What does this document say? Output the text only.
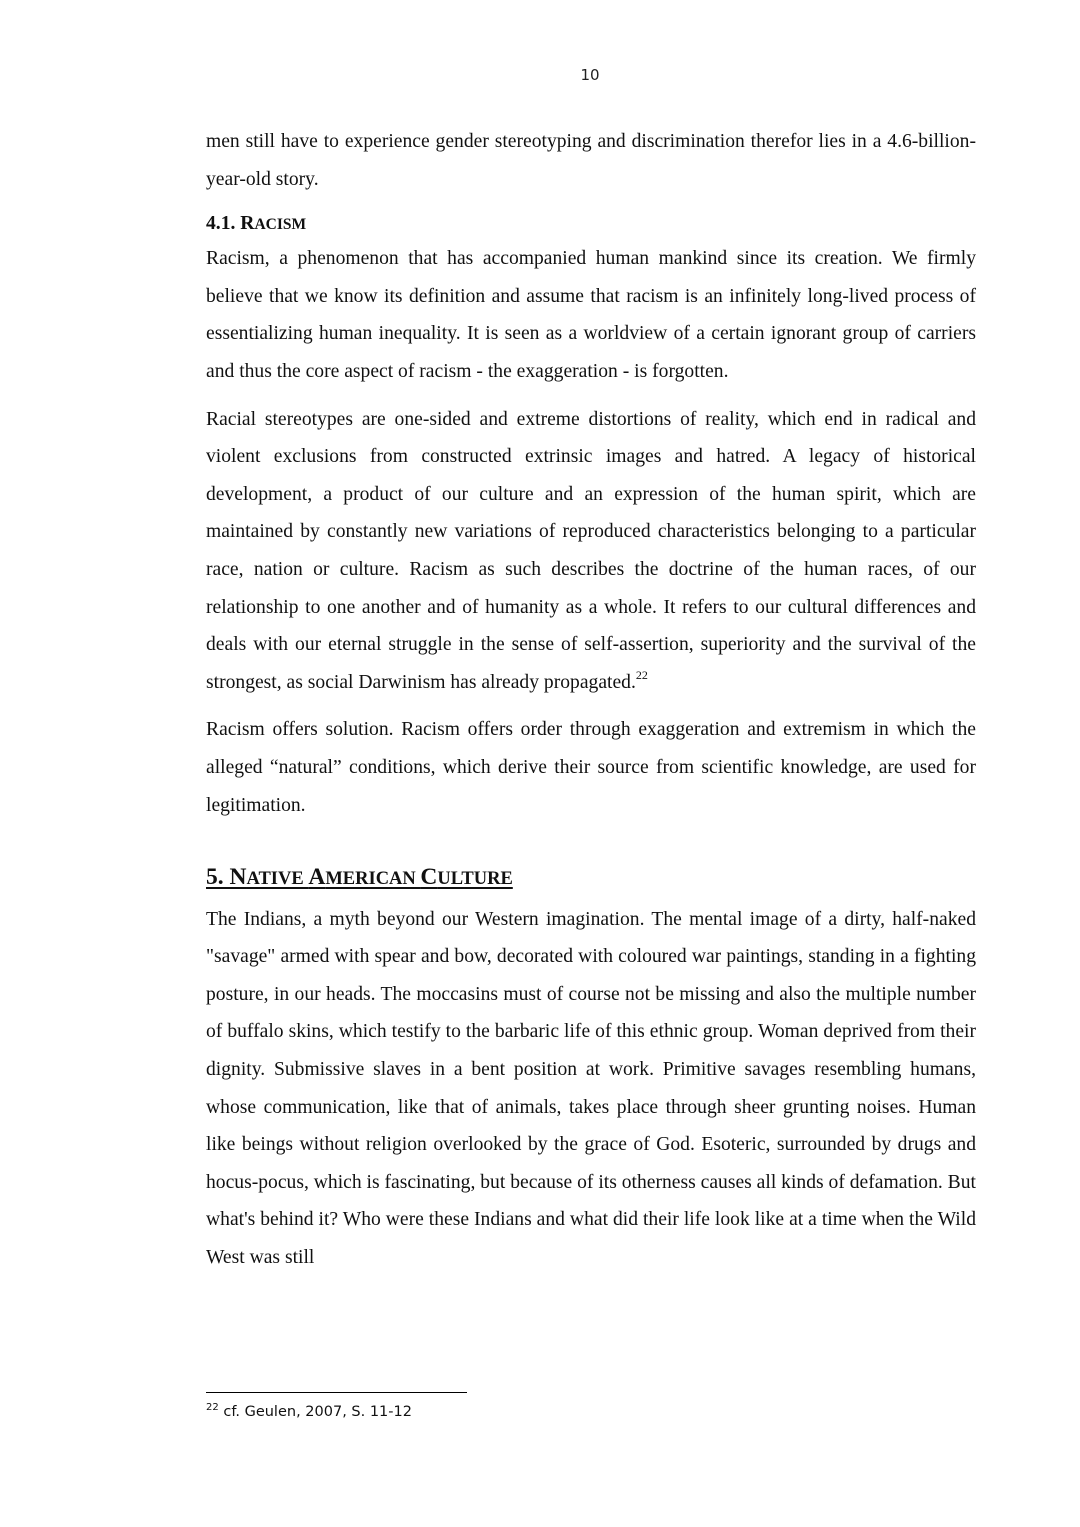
10

men still have to experience gender stereotyping and discrimination therefor lies in a 4.6-billion-year-old story.

4.1. RACISM

Racism, a phenomenon that has accompanied human mankind since its creation. We firmly believe that we know its definition and assume that racism is an infinitely long-lived process of essentializing human inequality. It is seen as a worldview of a certain ignorant group of carriers and thus the core aspect of racism - the exaggeration - is forgotten.

Racial stereotypes are one-sided and extreme distortions of reality, which end in radical and violent exclusions from constructed extrinsic images and hatred. A legacy of historical development, a product of our culture and an expression of the human spirit, which are maintained by constantly new variations of reproduced characteristics belonging to a particular race, nation or culture. Racism as such describes the doctrine of the human races, of our relationship to one another and of humanity as a whole. It refers to our cultural differences and deals with our eternal struggle in the sense of self-assertion, superiority and the survival of the strongest, as social Darwinism has already propagated.$^{22}$

Racism offers solution. Racism offers order through exaggeration and extremism in which the alleged “natural” conditions, which derive their source from scientific knowledge, are used for legitimation.

5. NATIVE AMERICAN CULTURE

The Indians, a myth beyond our Western imagination. The mental image of a dirty, half-naked "savage" armed with spear and bow, decorated with coloured war paintings, standing in a fighting posture, in our heads. The moccasins must of course not be missing and also the multiple number of buffalo skins, which testify to the barbaric life of this ethnic group. Woman deprived from their dignity. Submissive slaves in a bent position at work. Primitive savages resembling humans, whose communication, like that of animals, takes place through sheer grunting noises. Human like beings without religion overlooked by the grace of God. Esoteric, surrounded by drugs and hocus-pocus, which is fascinating, but because of its otherness causes all kinds of defamation. But what's behind it? Who were these Indians and what did their life look like at a time when the Wild West was still

$^{22}$ cf. Geulen, 2007, S. 11-12
